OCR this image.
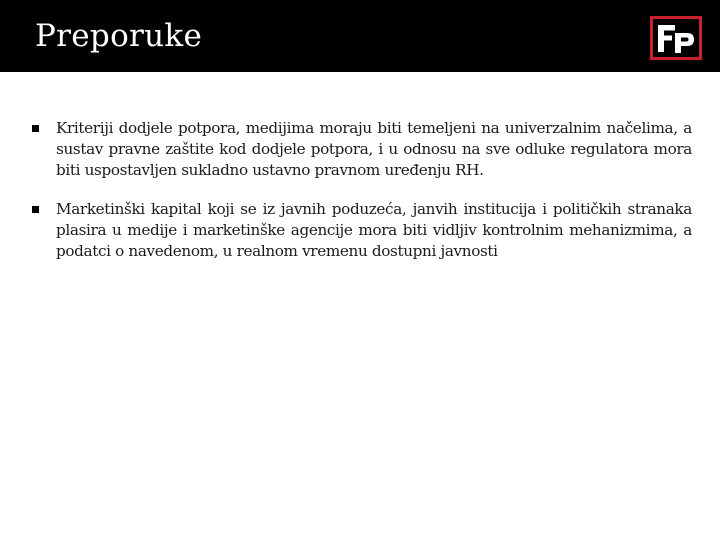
Preporuke
Kriteriji dodjele potpora, medijima moraju biti temeljeni na univerzalnim načelima, a sustav pravne zaštite kod dodjele potpora, i u odnosu na sve odluke regulatora mora biti uspostavljen sukladno ustavno pravnom uređenju RH.
Marketinški kapital koji se iz javnih poduzeća, janvih institucija i političkih stranaka plasira u medije i marketinške agencije mora biti vidljiv kontrolnim mehanizmima, a podatci o navedenom, u realnom vremenu dostupni javnosti
